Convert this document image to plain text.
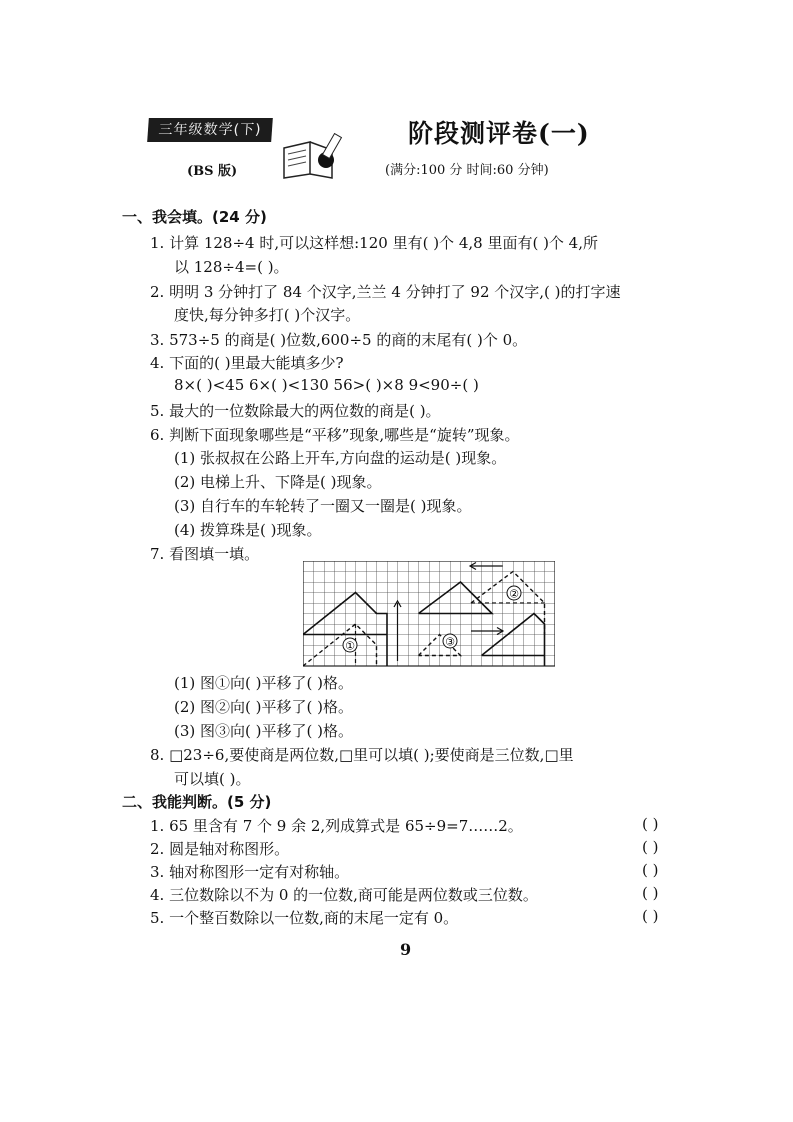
三年级数学(下)
(BS 版)
阶段测评卷(一)
(满分:100 分 时间:60 分钟)
一、我会填。(24 分)
1. 计算 128÷4 时,可以这样想:120 里有( )个 4,8 里面有( )个 4,所
以 128÷4=( )。
2. 明明 3 分钟打了 84 个汉字,兰兰 4 分钟打了 92 个汉字,( )的打字速
度快,每分钟多打( )个汉字。
3. 573÷5 的商是( )位数,600÷5 的商的末尾有( )个 0。
4. 下面的( )里最大能填多少?
8×( )<45 6×( )<130 56>( )×8 9<90÷( )
5. 最大的一位数除最大的两位数的商是( )。
6. 判断下面现象哪些是“平移”现象,哪些是“旋转”现象。
(1) 张叔叔在公路上开车,方向盘的运动是( )现象。
(2) 电梯上升、下降是( )现象。
(3) 自行车的车轮转了一圈又一圈是( )现象。
(4) 拨算珠是( )现象。
7. 看图填一填。
①
②
③
(1) 图①向( )平移了( )格。
(2) 图②向( )平移了( )格。
(3) 图③向( )平移了( )格。
8. □23÷6,要使商是两位数,□里可以填( );要使商是三位数,□里
可以填( )。
二、我能判断。(5 分)
1. 65 里含有 7 个 9 余 2,列成算式是 65÷9=7……2。
2. 圆是轴对称图形。
3. 轴对称图形一定有对称轴。
4. 三位数除以不为 0 的一位数,商可能是两位数或三位数。
5. 一个整百数除以一位数,商的末尾一定有 0。
( )
( )
( )
( )
( )
9
